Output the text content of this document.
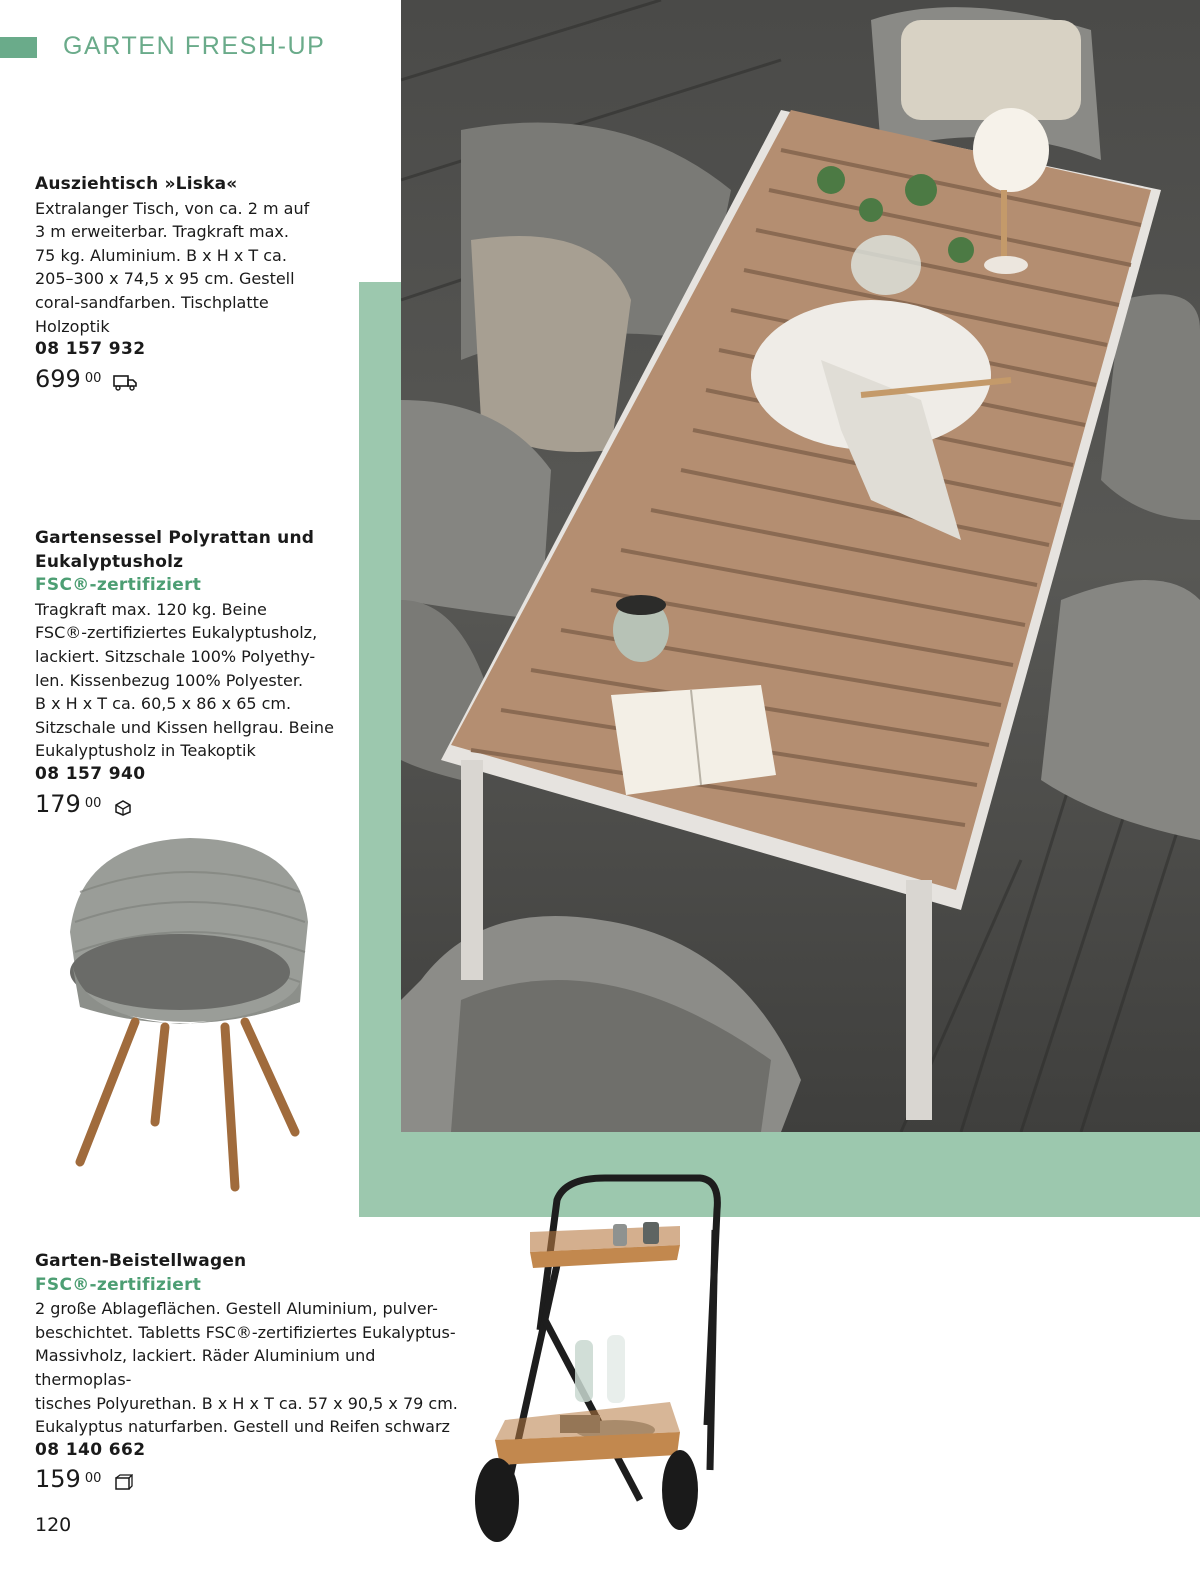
GARTEN FRESH-UP
Ausziehtisch »Liska«
Extralanger Tisch, von ca. 2 m auf
3 m erweiterbar. Tragkraft max.
75 kg. Aluminium. B x H x T ca.
205–300 x 74,5 x 95 cm. Gestell
coral-sandfarben. Tischplatte
Holzoptik
08 157 932
699 00
Gartensessel Polyrattan und
Eukalyptusholz
FSC®-zertifiziert
Tragkraft max. 120 kg. Beine
FSC®-zertifiziertes Eukalyptusholz,
lackiert. Sitzschale 100% Polyethy-
len. Kissenbezug 100% Polyester.
B x H x T ca. 60,5 x 86 x 65 cm.
Sitzschale und Kissen hellgrau. Beine
Eukalyptusholz in Teakoptik
08 157 940
179 00
Garten-Beistellwagen
FSC®-zertifiziert
2 große Ablageflächen. Gestell Aluminium, pulver-
beschichtet. Tabletts FSC®-zertifiziertes Eukalyptus-
Massivholz, lackiert. Räder Aluminium und thermoplas-
tisches Polyurethan. B x H x T ca. 57 x 90,5 x 79 cm.
Eukalyptus naturfarben. Gestell und Reifen schwarz
08 140 662
159 00
120
